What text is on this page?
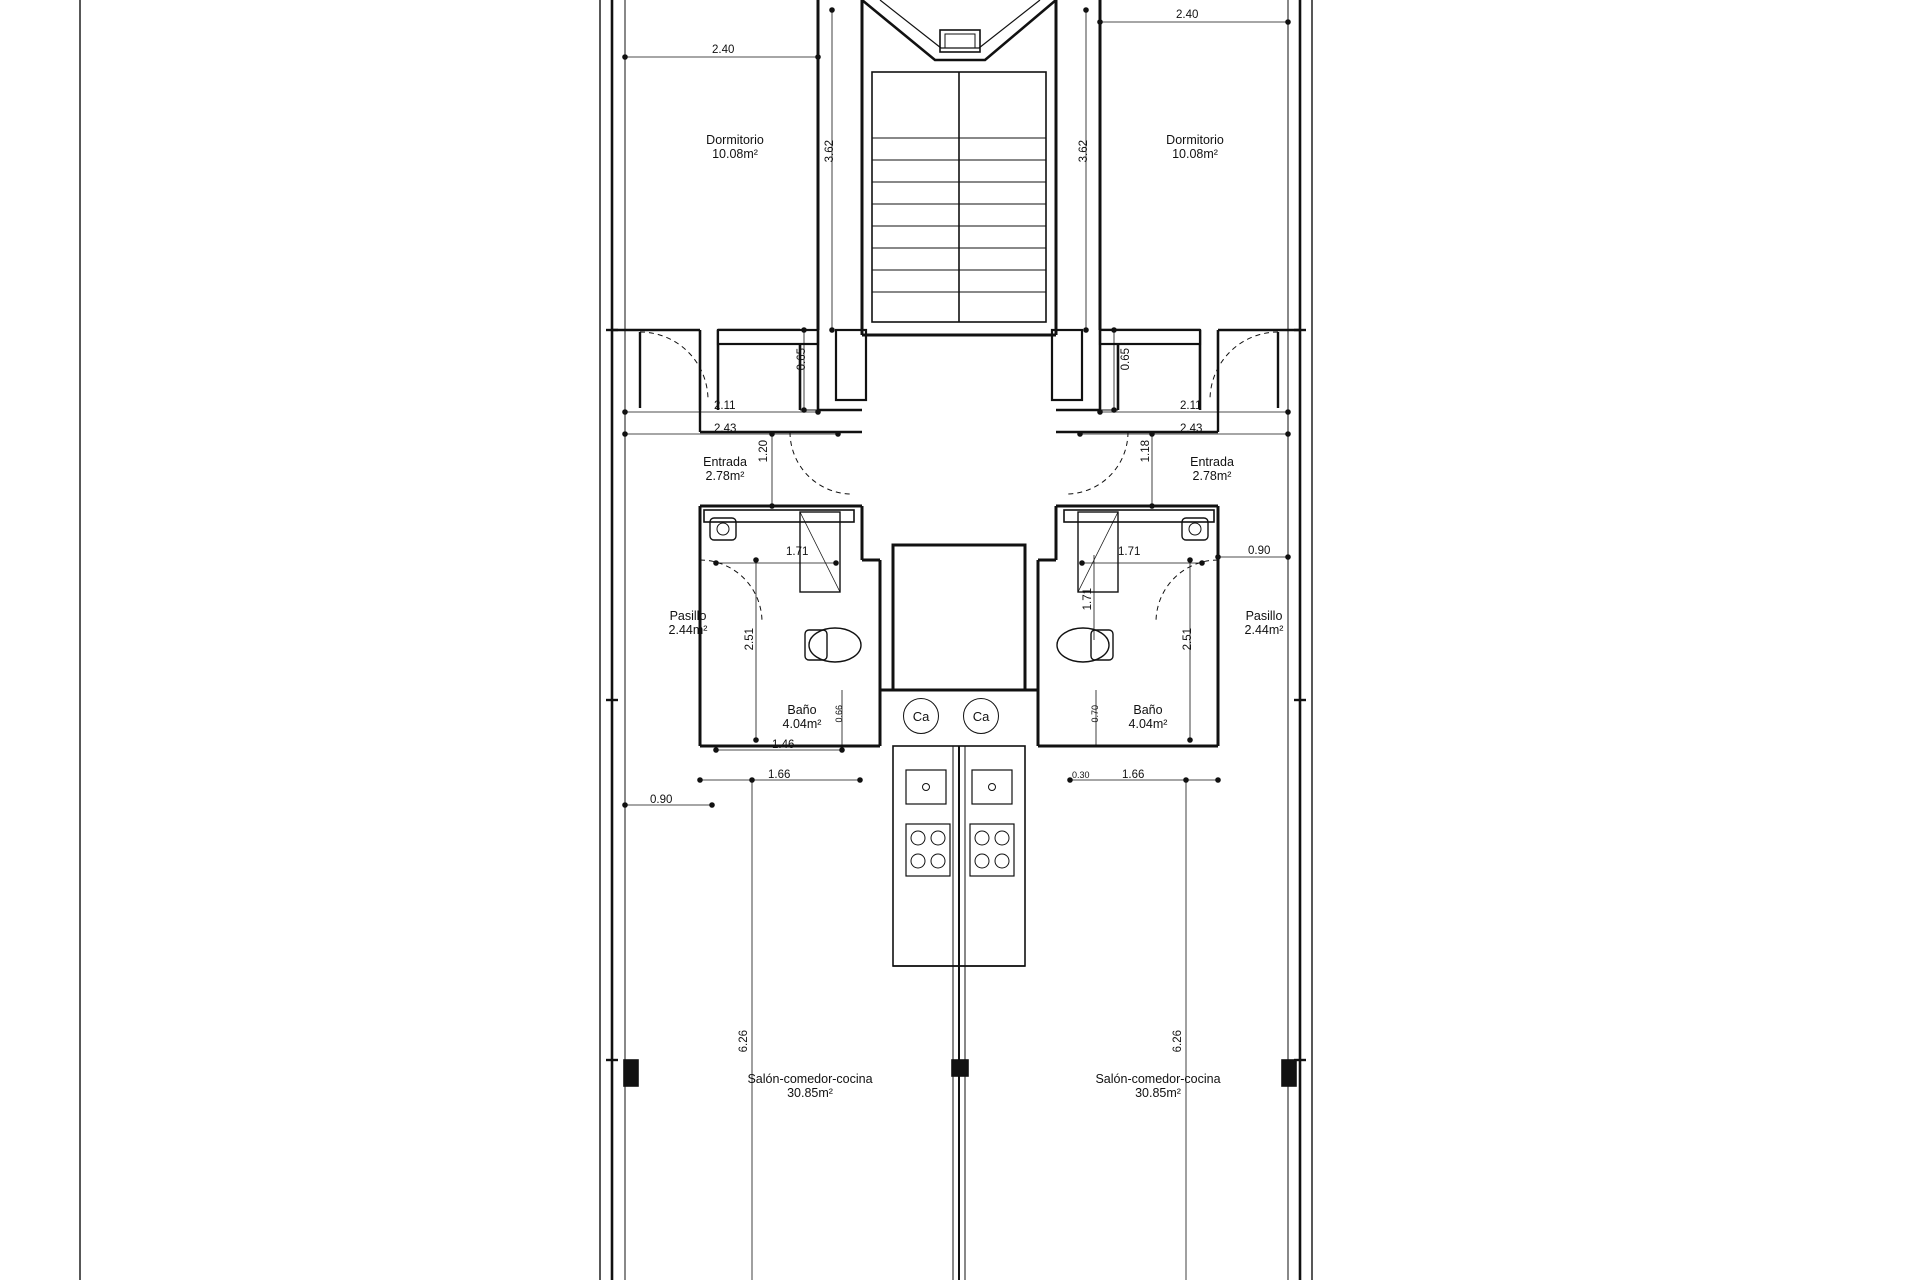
Dormitorio
10.08m²
Dormitorio
10.08m²
Entrada
2.78m²
Entrada
2.78m²
Pasillo
2.44m²
Pasillo
2.44m²
Baño
4.04m²
Baño
4.04m²
Salón-comedor-cocina
30.85m²
Salón-comedor-cocina
30.85m²
Ca	Ca
2.40
2.40
3.62	3.62
0.65	0.65
2.11	2.11
2.43	2.43
1.20	1.18
1.71	1.71	0.90
1.71
2.51	2.51
0.66	0.70
1.46
1.66	1.66
0.30
0.90
6.26	6.26
